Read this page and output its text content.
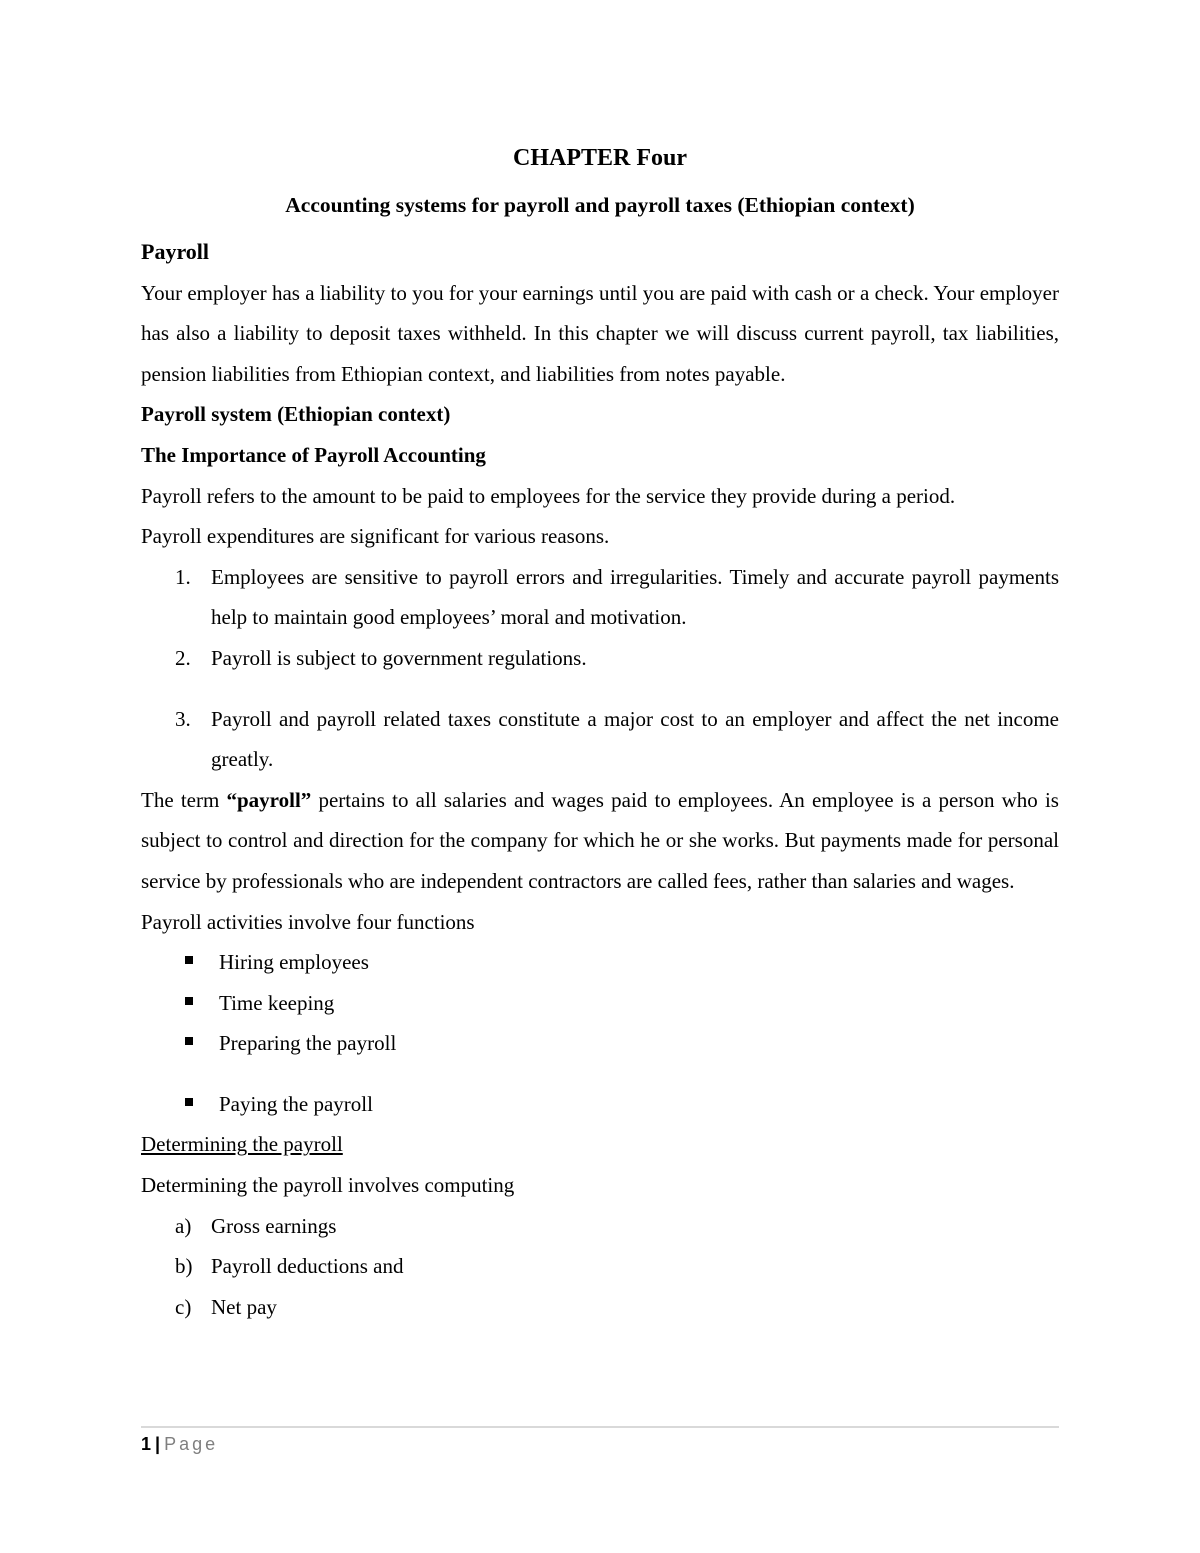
CHAPTER Four
Accounting systems for payroll and payroll taxes (Ethiopian context)

Payroll

Your employer has a liability to you for your earnings until you are paid with cash or a check. Your employer has also a liability to deposit taxes withheld. In this chapter we will discuss current payroll, tax liabilities, pension liabilities from Ethiopian context, and liabilities from notes payable.

Payroll system (Ethiopian context)

The Importance of Payroll Accounting

Payroll refers to the amount to be paid to employees for the service they provide during a period.

Payroll expenditures are significant for various reasons.

1. Employees are sensitive to payroll errors and irregularities. Timely and accurate payroll payments help to maintain good employees’ moral and motivation.
2. Payroll is subject to government regulations.
3. Payroll and payroll related taxes constitute a major cost to an employer and affect the net income greatly.

The term “payroll” pertains to all salaries and wages paid to employees. An employee is a person who is subject to control and direction for the company for which he or she works. But payments made for personal service by professionals who are independent contractors are called fees, rather than salaries and wages.

Payroll activities involve four functions

Hiring employees
Time keeping
Preparing the payroll
Paying the payroll

Determining the payroll

Determining the payroll involves computing

a) Gross earnings
b) Payroll deductions and
c) Net pay
1 | Page
